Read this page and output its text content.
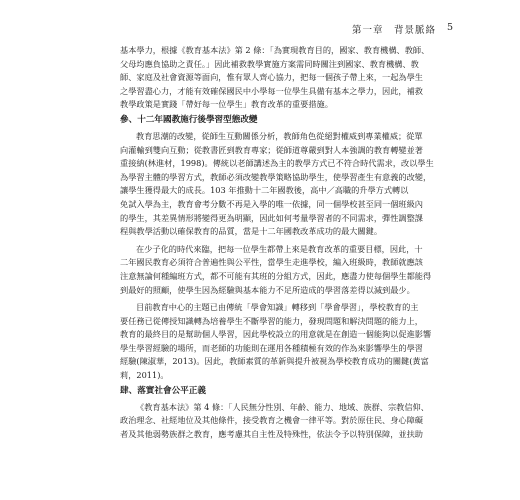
第一章　背景脈絡 5
基本學力，根據《教育基本法》第 2 條：「為實現教育目的，國家、教育機構、教師、
父母均應負協助之責任。」因此補救教學實施方案需同時關注到國家、教育機構、教
師、家庭及社會資源等面向，惟有眾人齊心協力，把每一個孩子帶上來，一起為學生
之學習盡心力，才能有效確保國民中小學每一位學生具備有基本之學力，因此，補救
教學政策是實踐「帶好每一位學生」教育改革的重要措施。
參、十二年國教施行後學習型態改變
教育思潮的改變，從師生互動關係分析，教師角色從絕對權威到專業權威；從單
向灌輸到雙向互動；從教書匠到教育專家；從師道尊嚴到對人本強調的教育轉變並著
重接納(林進材，1998)。傳統以老師講述為主的教學方式已不符合時代需求，改以學生
為學習主體的學習方式，教師必須改變教學策略協助學生，使學習產生有意義的改變，
讓學生獲得最大的成長。103 年推動十二年國教後，高中／高職的升學方式轉以
免試入學為主，教育會考分數不再是入學的唯一依據，同一個學校甚至同一個班級內
的學生，其差異情形將變得更為明顯，因此如何考量學習者的不同需求，彈性調整課
程與教學活動以確保教育的品質，當是十二年國教改革成功的最大關鍵。
在少子化的時代來臨，把每一位學生都帶上來是教育改革的重要目標，因此，十
二年國民教育必須符合普遍性與公平性，當學生走進學校，編入班級時，教師就應該
注意無論何種編班方式，都不可能有其班的分組方式，因此，應盡力使每個學生都能得
到最好的照顧，使學生因為經驗與基本能力不足所造成的學習落差得以減到最少。
目前教育中心的主題已由傳統「學會知識」轉移到「學會學習」，學校教育的主
要任務已從傳授知識轉為培養學生不斷學習的能力，發現問題和解決問題的能力上，
教育的最終目的是幫助個人學習，因此學校設立的用意就是在創造一個能夠以促進影響
學生學習經驗的場所，而老師的功能則在運用各種積極有效的作為來影響學生的學習
經驗(陳淑華，2013)。因此，教師素質的革新與提升被視為學校教育成功的關鍵(黃富
莉，2011)。
肆、落實社會公平正義
《教育基本法》第 4 條：「人民無分性別、年齡、能力、地域、族群、宗教信仰、
政治理念、社經地位及其他條件，接受教育之機會一律平等。對於原住民、身心障礙
者及其他弱勢族群之教育，應考慮其自主性及特殊性，依法令予以特別保障，並扶助
